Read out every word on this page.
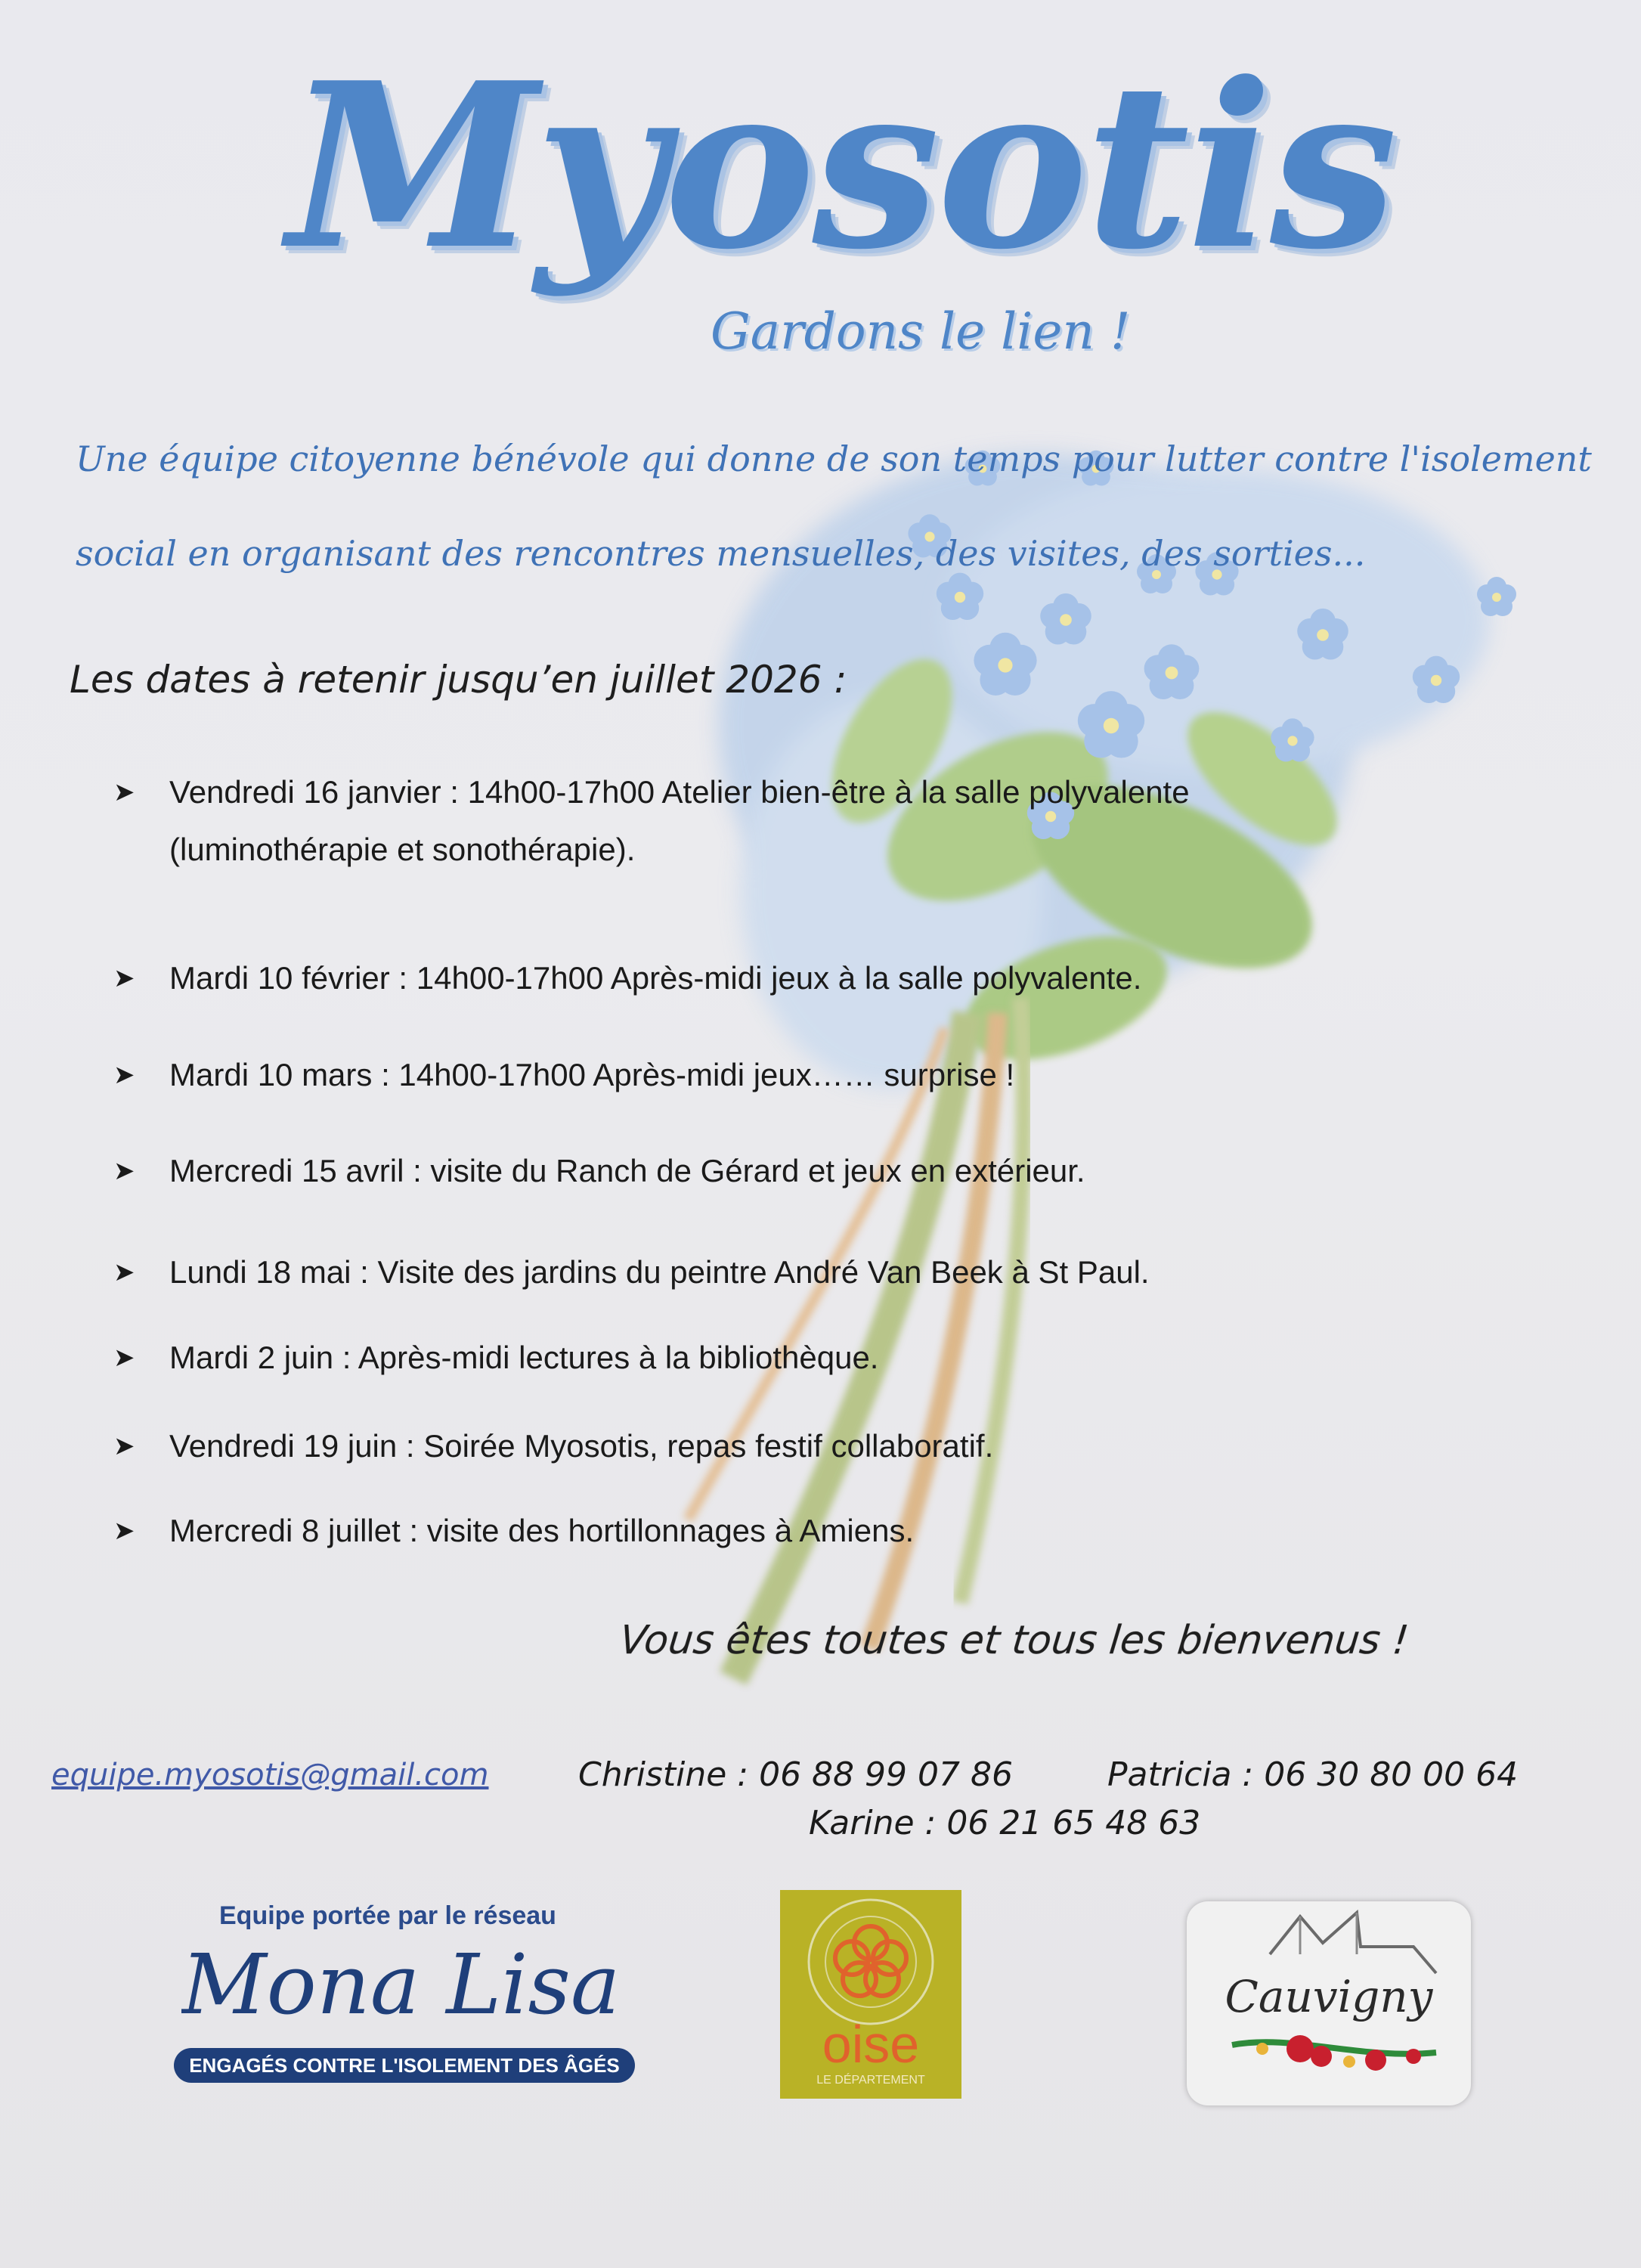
Myosotis
Gardons le lien !
Une équipe citoyenne bénévole qui donne de son temps pour lutter contre l'isolement
social en organisant des rencontres mensuelles, des visites, des sorties...
Les dates à retenir jusqu’en juillet 2026 :
➤	Vendredi 16 janvier : 14h00-17h00 Atelier bien-être à la salle polyvalente
(luminothérapie et sonothérapie).
➤	Mardi 10 février : 14h00-17h00 Après-midi jeux à la salle polyvalente.
➤	Mardi 10 mars : 14h00-17h00 Après-midi jeux…… surprise !
➤	Mercredi 15 avril : visite du Ranch de Gérard et jeux en extérieur.
➤	Lundi 18 mai : Visite des jardins du peintre André Van Beek à St Paul.
➤	Mardi 2 juin : Après-midi lectures à la bibliothèque.
➤	Vendredi 19 juin : Soirée Myosotis, repas festif collaboratif.
➤	Mercredi 8 juillet : visite des hortillonnages à Amiens.
Vous êtes toutes et tous les bienvenus !
equipe.myosotis@gmail.com	Christine : 06 88 99 07 86	Patricia : 06 30 80 00 64
Karine : 06 21 65 48 63
Equipe portée par le réseau
Mona Lisa
ENGAGÉS CONTRE L'ISOLEMENT DES ÂGÉS	oise
LE DÉPARTEMENT
Cauvigny
